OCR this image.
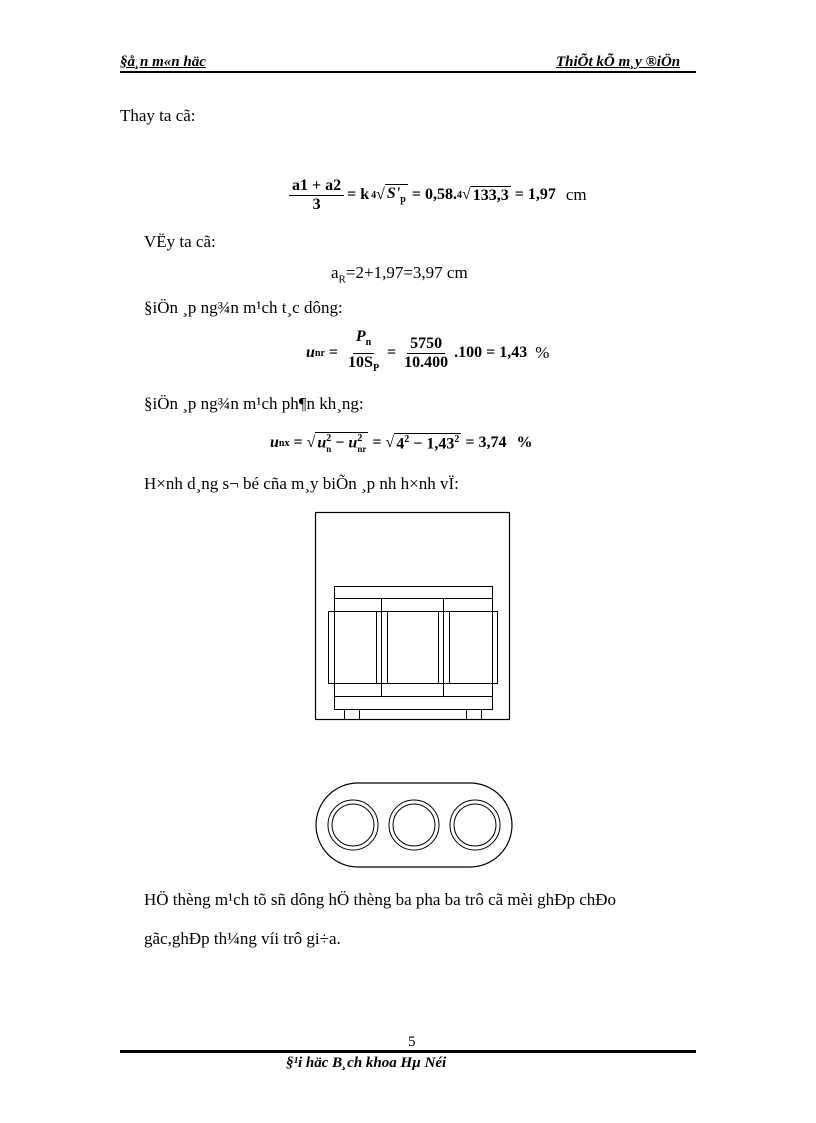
§å¸n m«n häc	ThiÕt kÕ m¸y ®iÖn
Thay ta cã:
$\frac{a1 + a2}{3} = k$ 4 √ $S'_p = 0,58$. 4 √ 133,3 = 1,97 cm
VËy ta cã:
$a_R=2+1,97=3,97$ cm
§iÖn ¸p ng¾n m¹ch t¸c dông:
u nr = $\frac{P_n}{10S_P} = \frac{5750}{10.400} .100 = 1,43$ %
§iÖn ¸p ng¾n m¹ch ph¶n kh¸ng:
u nx = √ $u^2_n - u^2_{nr}$ = √ $4^2 - 1,43^2 = 3,74$ %
H×nh d¸ng s¬ bé cña m¸y biÕn ¸p nh h×nh vÏ:
HÖ thèng m¹ch tõ sñ dông hÖ thèng ba pha ba trô cã mèi ghÐp chÐo
gãc,ghÐp th¼ng víi trô gi÷a.
5
§¹i häc B¸ch khoa Hµ Néi
